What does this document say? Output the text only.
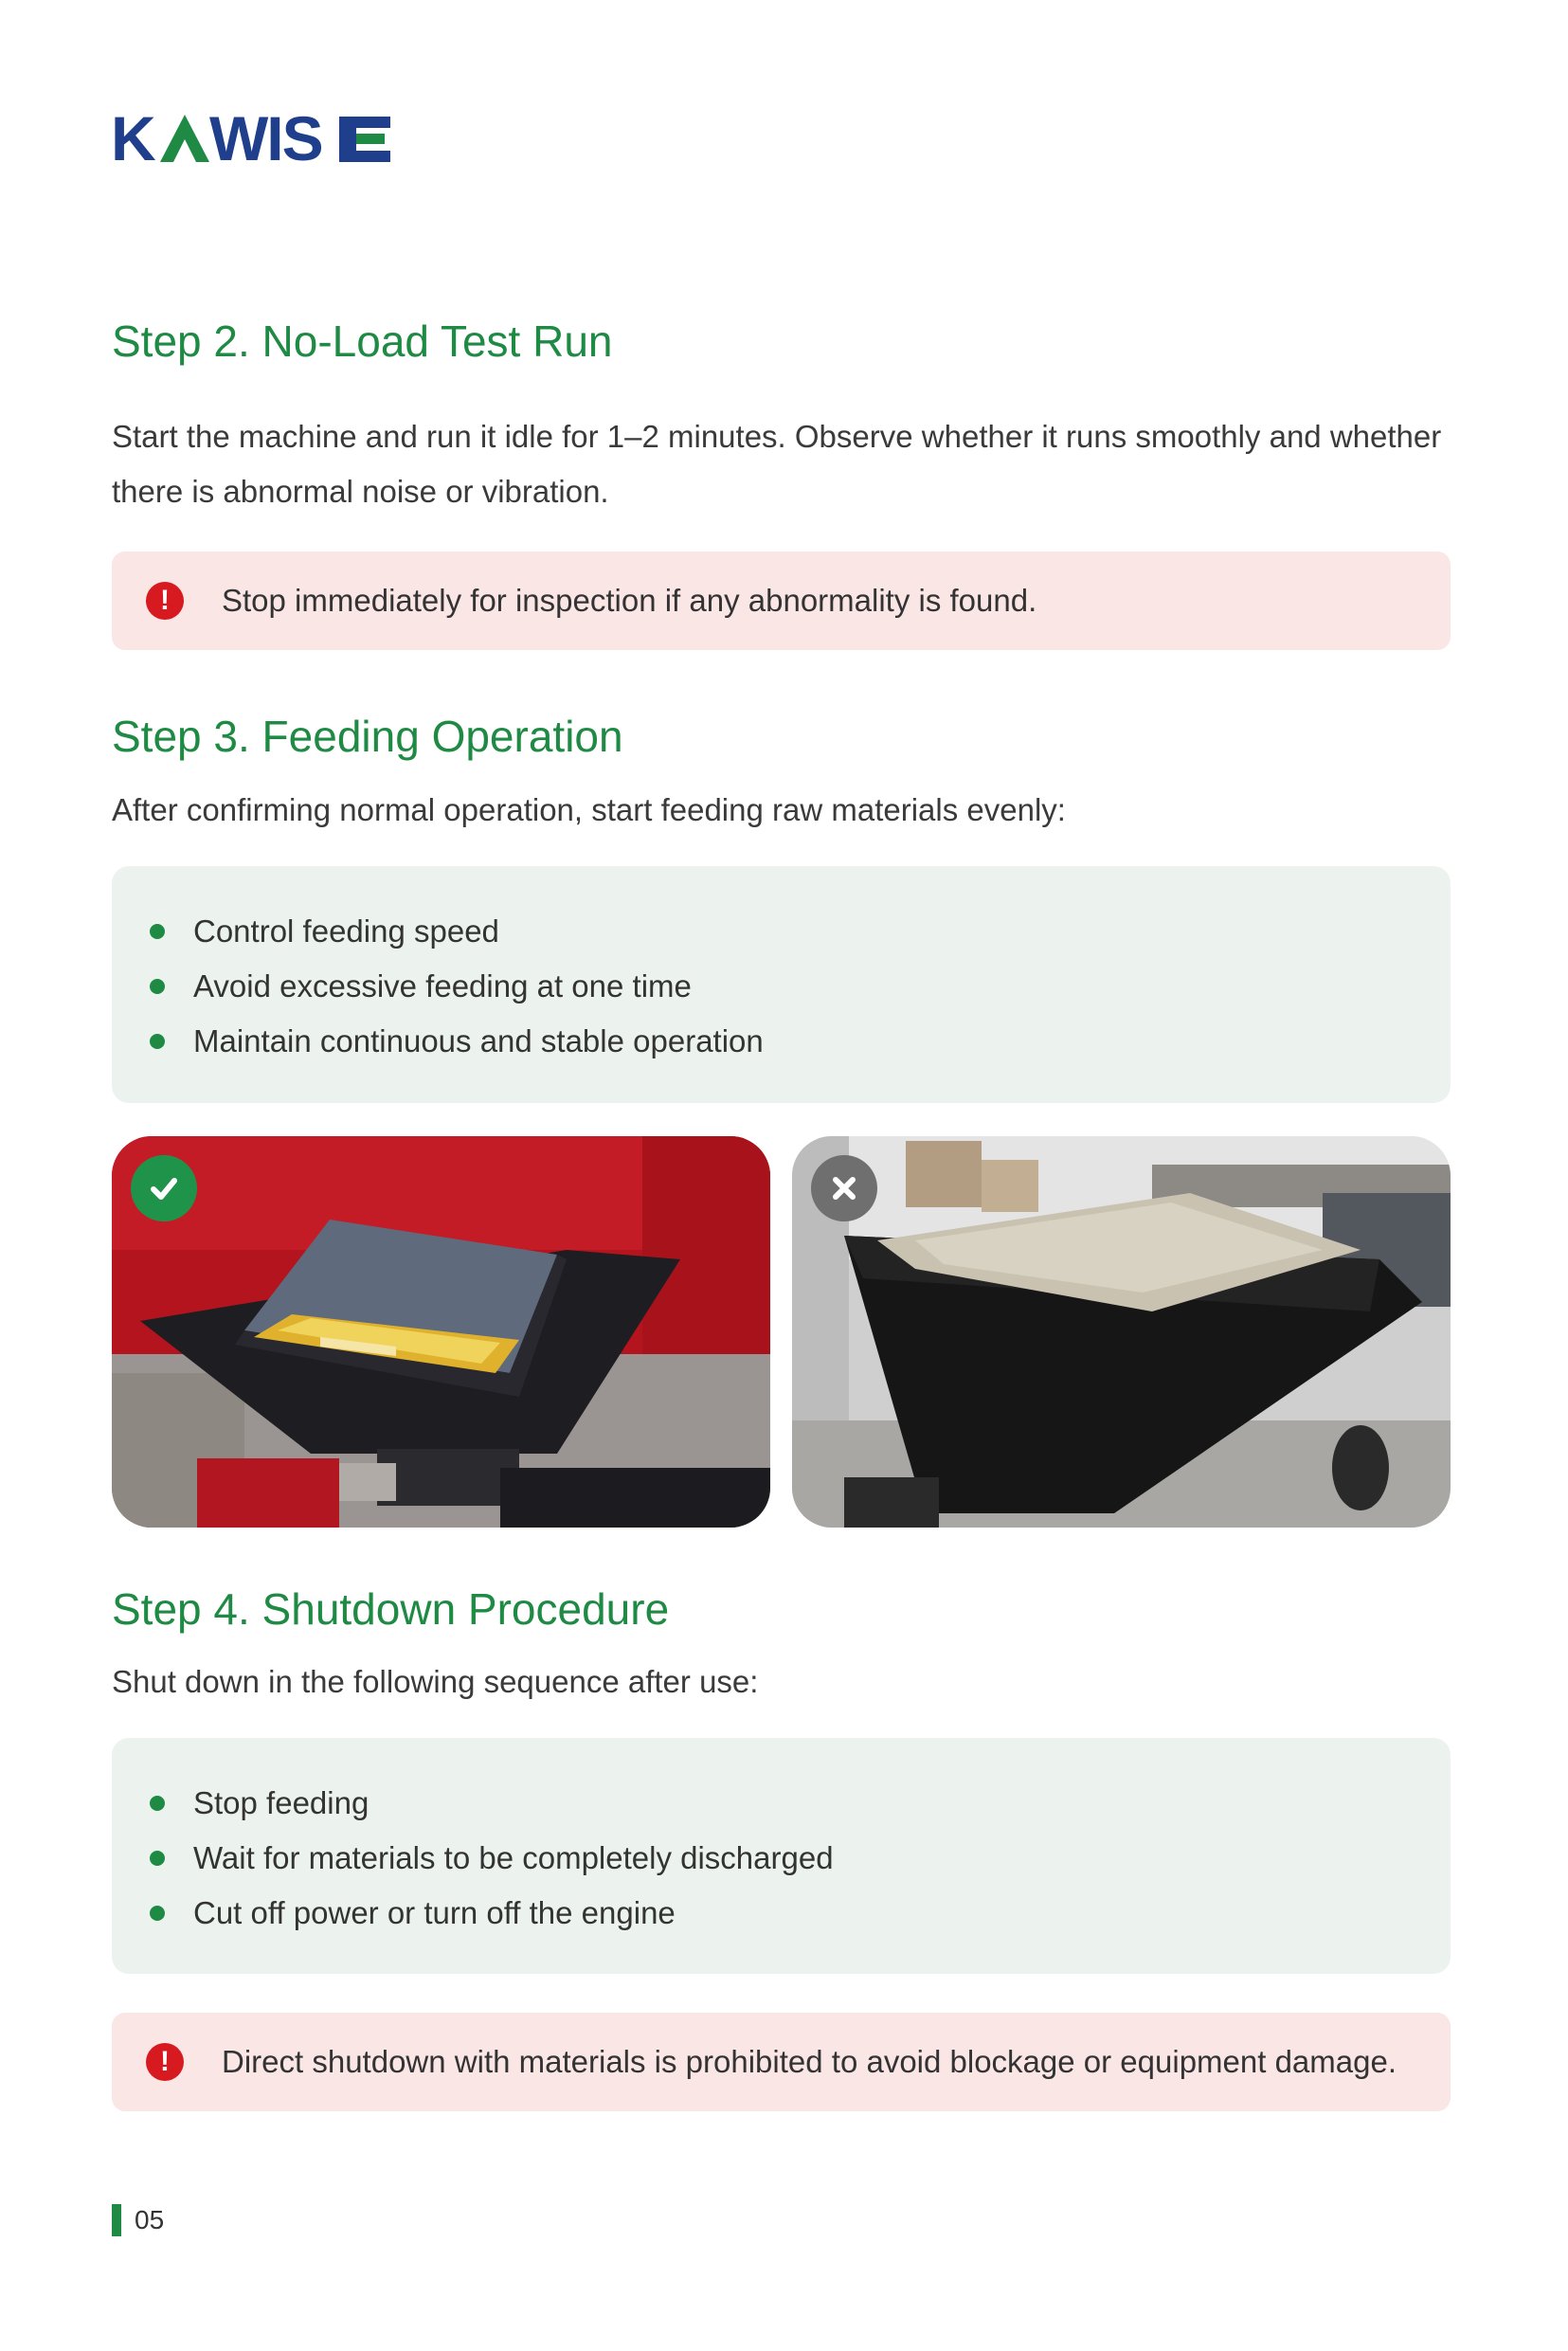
K WIS
Step 2. No-Load Test Run

Start the machine and run it idle for 1–2 minutes. Observe whether it runs smoothly and whether there is abnormal noise or vibration.

!	Stop immediately for inspection if any abnormality is found.
Step 3. Feeding Operation

After confirming normal operation, start feeding raw materials evenly:

Control feeding speed
Avoid excessive feeding at one time
Maintain continuous and stable operation
Step 4. Shutdown Procedure

Shut down in the following sequence after use:

Stop feeding
Wait for materials to be completely discharged
Cut off power or turn off the engine
!	Direct shutdown with materials is prohibited to avoid blockage or equipment damage.
05
